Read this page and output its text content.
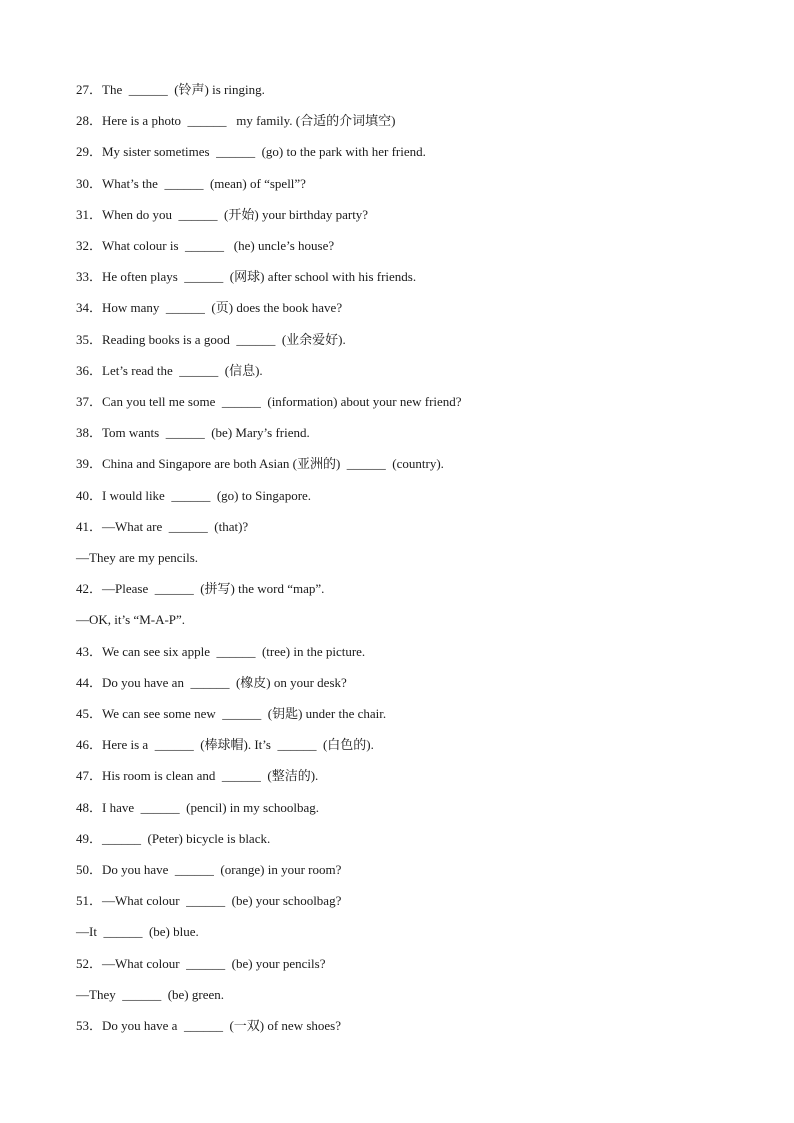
27．The  ______  (铃声) is ringing.
28．Here is a photo  ______   my family. (合适的介词填空)
29．My sister sometimes  ______  (go) to the park with her friend.
30．What’s the  ______  (mean) of “spell”?
31．When do you  ______  (开始) your birthday party?
32．What colour is  ______   (he) uncle’s house?
33．He often plays  ______  (网球) after school with his friends.
34．How many  ______  (页) does the book have?
35．Reading books is a good  ______  (业余爱好).
36．Let’s read the  ______  (信息).
37．Can you tell me some  ______  (information) about your new friend?
38．Tom wants  ______  (be) Mary’s friend.
39．China and Singapore are both Asian (亚洲的)  ______  (country).
40．I would like  ______  (go) to Singapore.
41．—What are  ______  (that)?
—They are my pencils.
42．—Please  ______  (拼写) the word “map”.
—OK, it’s “M-A-P”.
43．We can see six apple  ______  (tree) in the picture.
44．Do you have an  ______  (橡皮) on your desk?
45．We can see some new  ______  (钥匙) under the chair.
46．Here is a  ______  (棒球帽). It’s  ______  (白色的).
47．His room is clean and  ______  (整洁的).
48．I have  ______  (pencil) in my schoolbag.
49．______  (Peter) bicycle is black.
50．Do you have  ______  (orange) in your room?
51．—What colour  ______  (be) your schoolbag?
—It  ______  (be) blue.
52．—What colour  ______  (be) your pencils?
—They  ______  (be) green.
53．Do you have a  ______  (一双) of new shoes?
